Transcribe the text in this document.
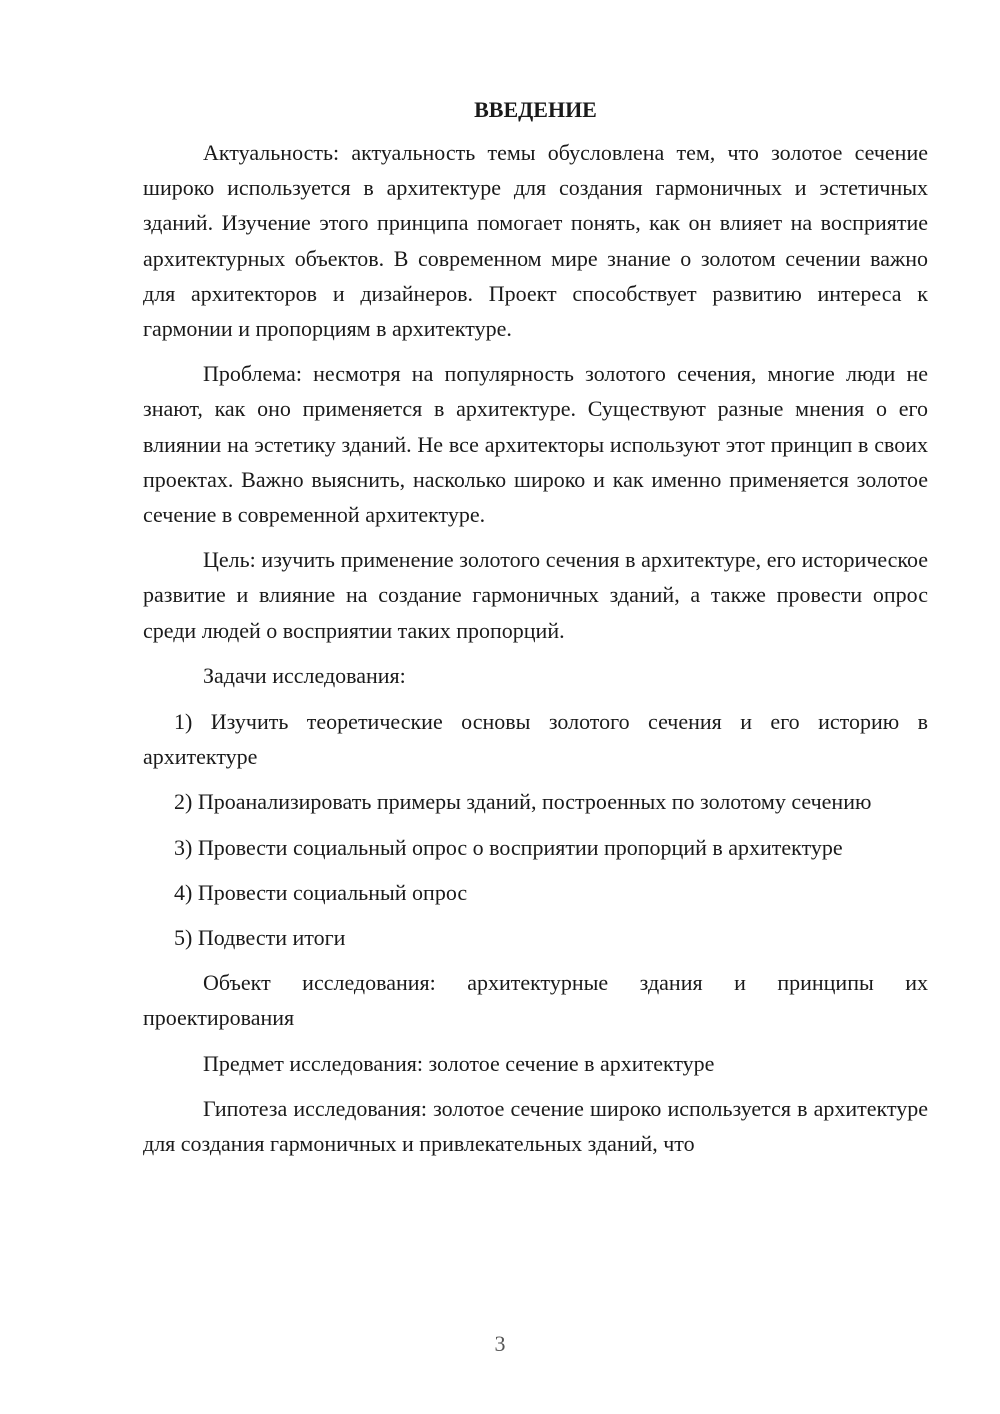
ВВЕДЕНИЕ

Актуальность: актуальность темы обусловлена тем, что золотое сечение широко используется в архитектуре для создания гармоничных и эстетичных зданий. Изучение этого принципа помогает понять, как он влияет на восприятие архитектурных объектов. В современном мире знание о золотом сечении важно для архитекторов и дизайнеров. Проект способствует развитию интереса к гармонии и пропорциям в архитектуре.

Проблема: несмотря на популярность золотого сечения, многие люди не знают, как оно применяется в архитектуре. Существуют разные мнения о его влиянии на эстетику зданий. Не все архитекторы используют этот принцип в своих проектах. Важно выяснить, насколько широко и как именно применяется золотое сечение в современной архитектуре.

Цель: изучить применение золотого сечения в архитектуре, его историческое развитие и влияние на создание гармоничных зданий, а также провести опрос среди людей о восприятии таких пропорций.

Задачи исследования:

1) Изучить теоретические основы золотого сечения и его историю в архитектуре

2) Проанализировать примеры зданий, построенных по золотому сечению

3) Провести социальный опрос о восприятии пропорций в архитектуре

4) Провести социальный опрос

5) Подвести итоги

Объект исследования: архитектурные здания и принципы их проектирования

Предмет исследования: золотое сечение в архитектуре

Гипотеза исследования: золотое сечение широко используется в архитектуре для создания гармоничных и привлекательных зданий, что

3
